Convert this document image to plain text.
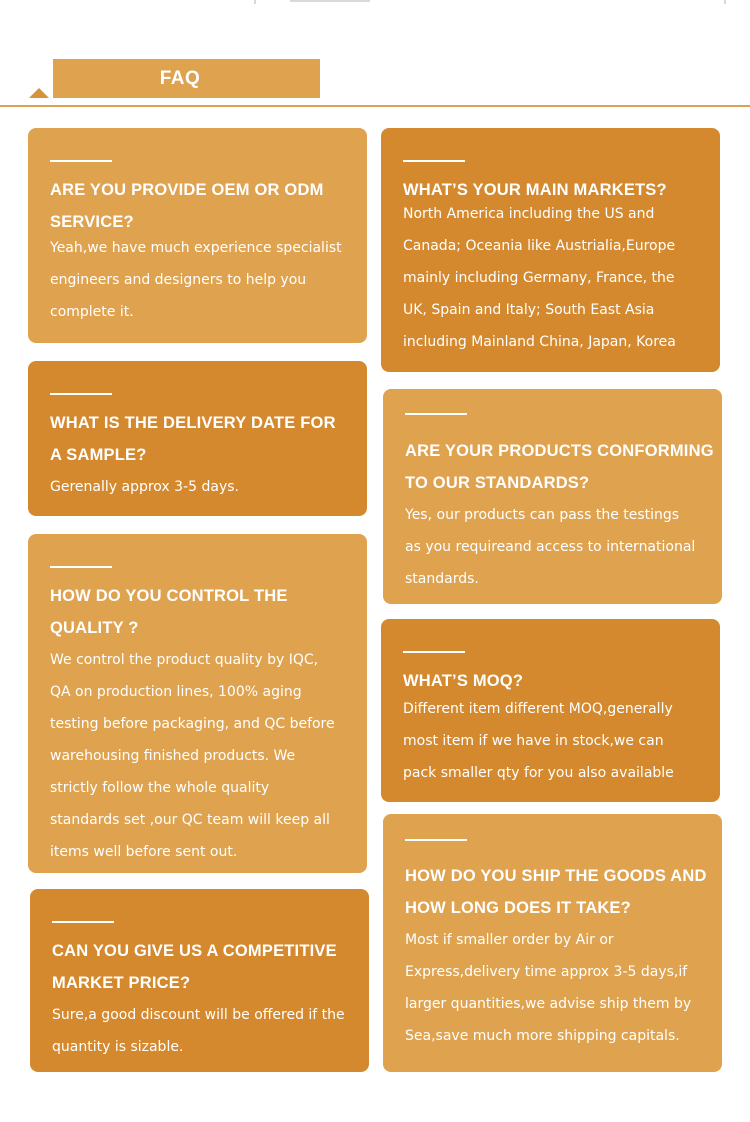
FAQ
ARE YOU PROVIDE OEM OR ODM SERVICE?

Yeah,we have much experience specialist engineers and designers to help you complete it.

WHAT IS THE DELIVERY DATE FOR A SAMPLE?

Gerenally approx 3-5 days.

HOW DO YOU CONTROL THE QUALITY ?

We control the product quality by IQC, QA on production lines, 100% aging testing before packaging, and QC before warehousing finished products. We strictly follow the whole quality standards set ,our QC team will keep all items well before sent out.

CAN YOU GIVE US A COMPETITIVE MARKET PRICE?

Sure,a good discount will be offered if the quantity is sizable.

WHAT’S YOUR MAIN MARKETS?

North America including the US and Canada; Oceania like Austrialia,Europe mainly including Germany, France, the UK, Spain and Italy; South East Asia including Mainland China, Japan, Korea

ARE YOUR PRODUCTS CONFORMING TO OUR STANDARDS?

Yes, our products can pass the testings as you requireand access to international standards.

WHAT’S MOQ?

Different item different MOQ,generally most item if we have in stock,we can pack smaller qty for you also available

HOW DO YOU SHIP THE GOODS AND HOW LONG DOES IT TAKE?

Most if smaller order by Air or Express,delivery time approx 3-5 days,if larger quantities,we advise ship them by Sea,save much more shipping capitals.
